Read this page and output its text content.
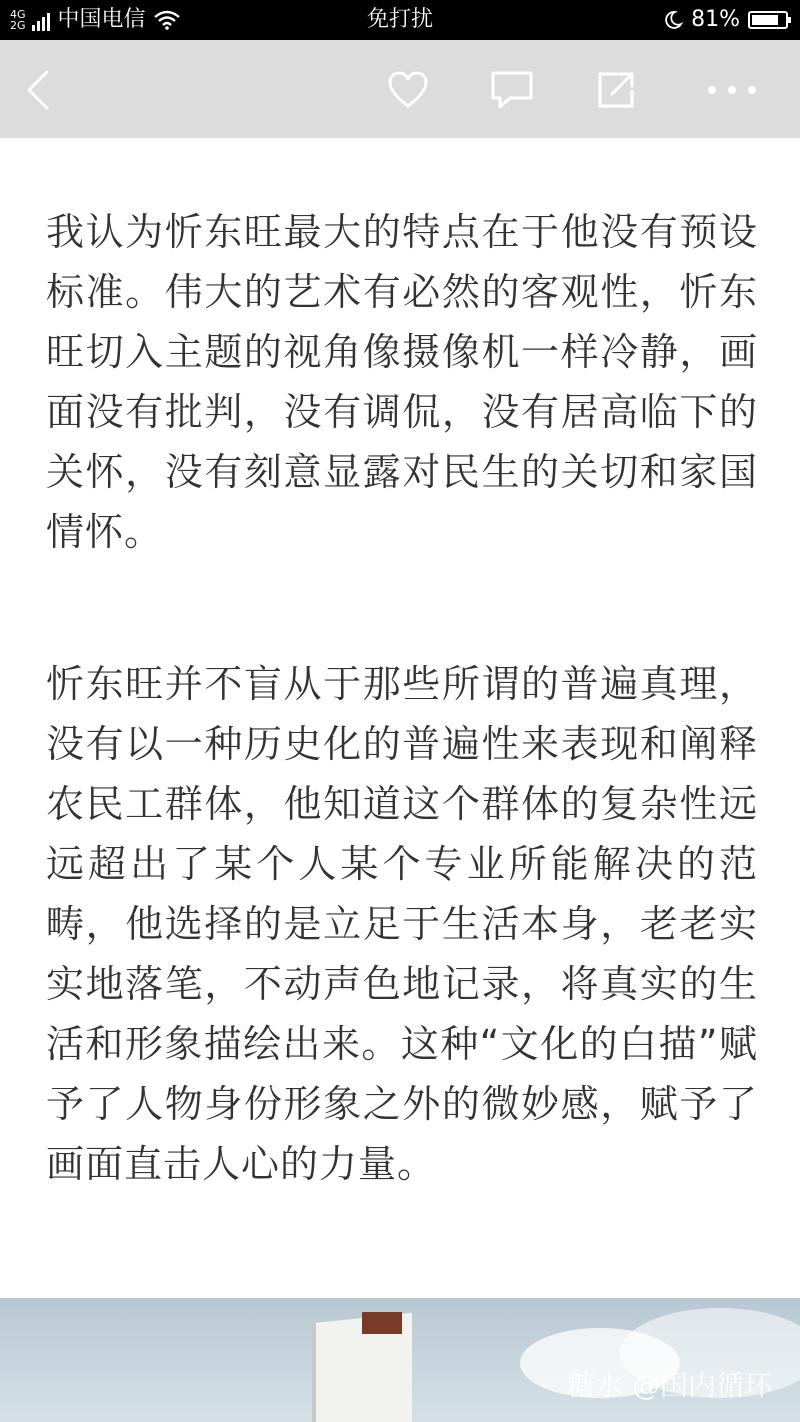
4G
2G 中国电信	免打扰	81%

我认为忻东旺最大的特点在于他没有预设标准。伟大的艺术有必然的客观性，忻东旺切入主题的视角像摄像机一样冷静，画面没有批判，没有调侃，没有居高临下的关怀，没有刻意显露对民生的关切和家国情怀。

忻东旺并不盲从于那些所谓的普遍真理，没有以一种历史化的普遍性来表现和阐释农民工群体，他知道这个群体的复杂性远远超出了某个人某个专业所能解决的范畴，他选择的是立足于生活本身，老老实实地落笔，不动声色地记录，将真实的生活和形象描绘出来。这种“文化的白描”赋予了人物身份形象之外的微妙感，赋予了画面直击人心的力量。

糖水 @国内循环
